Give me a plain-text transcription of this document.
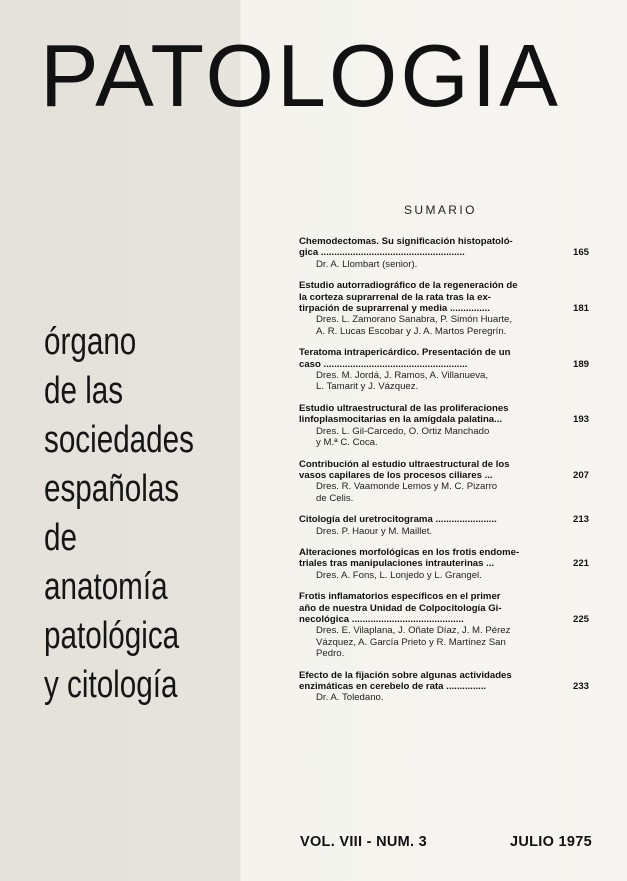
PATOLOGIA
órgano
de las
sociedades
españolas
de
anatomía
patológica
y citología
SUMARIO
Chemodectomas. Su significación histopatoló-
gica ......................................................	165
Dr. A. Llombart (senior).
Estudio autorradiográfico de la regeneración de
la corteza suprarrenal de la rata tras la ex-
tirpación de suprarrenal y media ...............	181
Dres. L. Zamorano Sanabra, P. Simón Huarte,
A. R. Lucas Escobar y J. A. Martos Peregrín.
Teratoma intrapericárdico. Presentación de un
caso ......................................................	189
Dres. M. Jordá, J. Ramos, A. Villanueva,
L. Tamarit y J. Vázquez.
Estudio ultraestructural de las proliferaciones
linfoplasmocitarias en la amígdala palatina...	193
Dres. L. Gil-Carcedo, O. Ortiz Manchado
y M.ª C. Coca.
Contribución al estudio ultraestructural de los
vasos capilares de los procesos ciliares ...	207
Dres. R. Vaamonde Lemos y M. C. Pizarro
de Celis.
Citología del uretrocitograma .......................	213
Dres. P. Haour y M. Maillet.
Alteraciones morfológicas en los frotis endome-
triales tras manipulaciones intrauterinas ...	221
Dres. A. Fons, L. Lonjedo y L. Grangel.
Frotis inflamatorios específicos en el primer
año de nuestra Unidad de Colpocitología Gi-
necológica ..........................................	225
Dres. E. Vilaplana, J. Oñate Díaz, J. M. Pérez
Vázquez, A. García Prieto y R. Martínez San
Pedro.
Efecto de la fijación sobre algunas actividades
enzimáticas en cerebelo de rata ...............	233
Dr. A. Toledano.
VOL. VIII - NUM. 3	JULIO 1975
